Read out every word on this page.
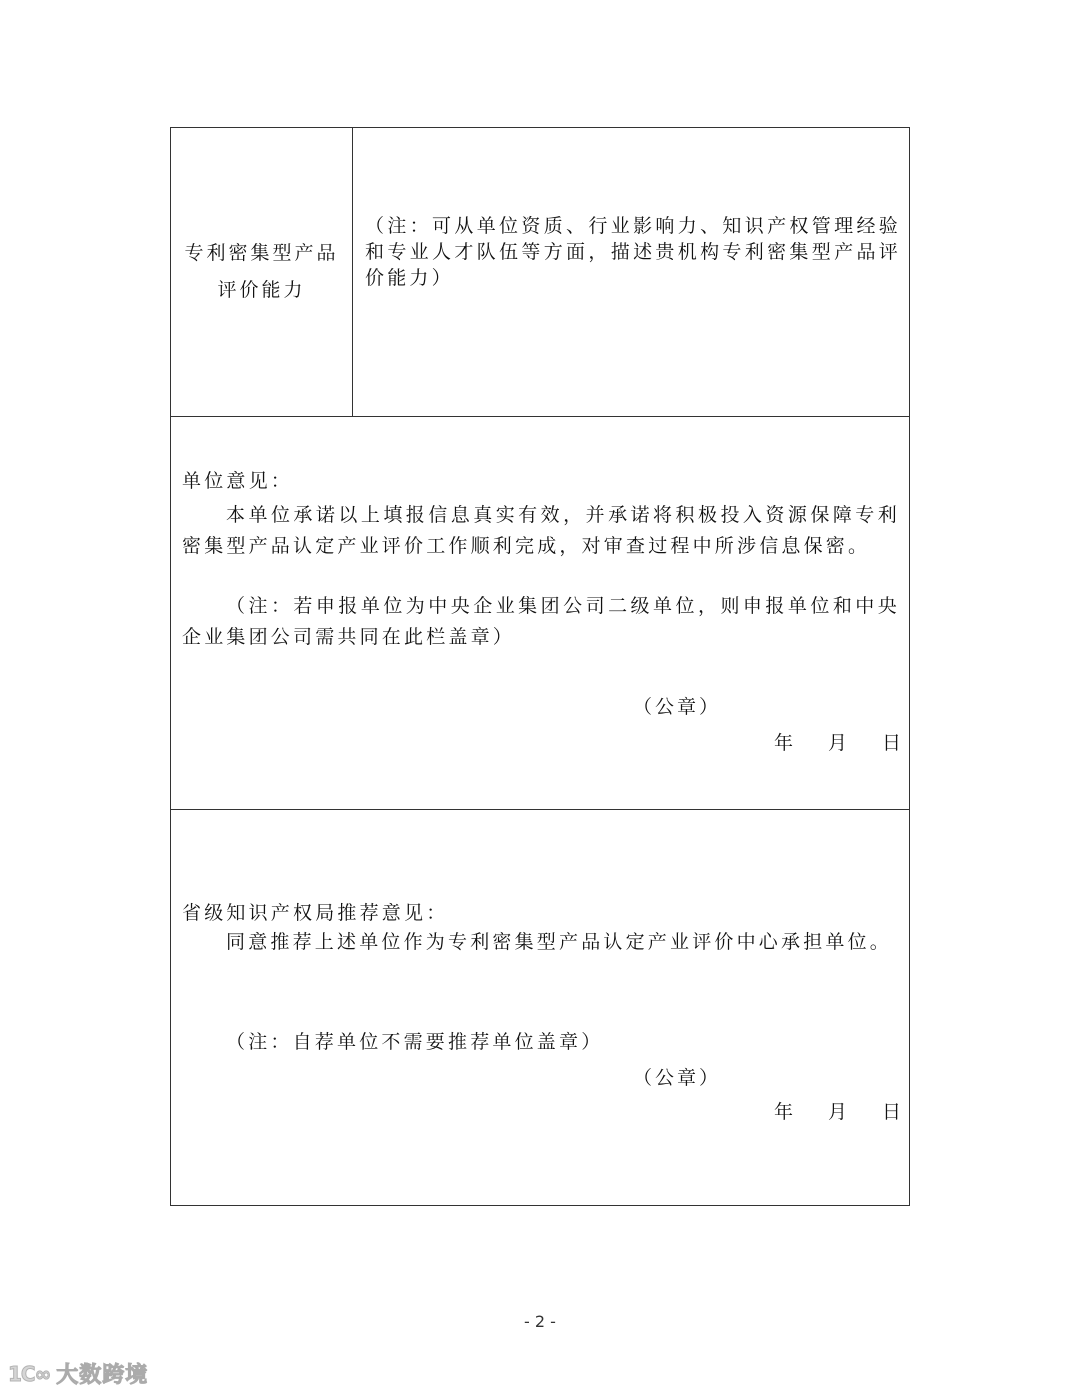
专利密集型产品
评价能力
（注：可从单位资质、行业影响力、知识产权管理经验和专业人才队伍等方面，描述贵机构专利密集型产品评价能力）
单位意见：
本单位承诺以上填报信息真实有效，并承诺将积极投入资源保障专利密集型产品认定产业评价工作顺利完成，对审查过程中所涉信息保密。
（注：若申报单位为中央企业集团公司二级单位，则申报单位和中央企业集团公司需共同在此栏盖章）
（公章）
年 月 日
省级知识产权局推荐意见：
同意推荐上述单位作为专利密集型产品认定产业评价中心承担单位。
（注：自荐单位不需要推荐单位盖章）
（公章）
年 月 日
- 2 -
1C∞ 大数跨境
